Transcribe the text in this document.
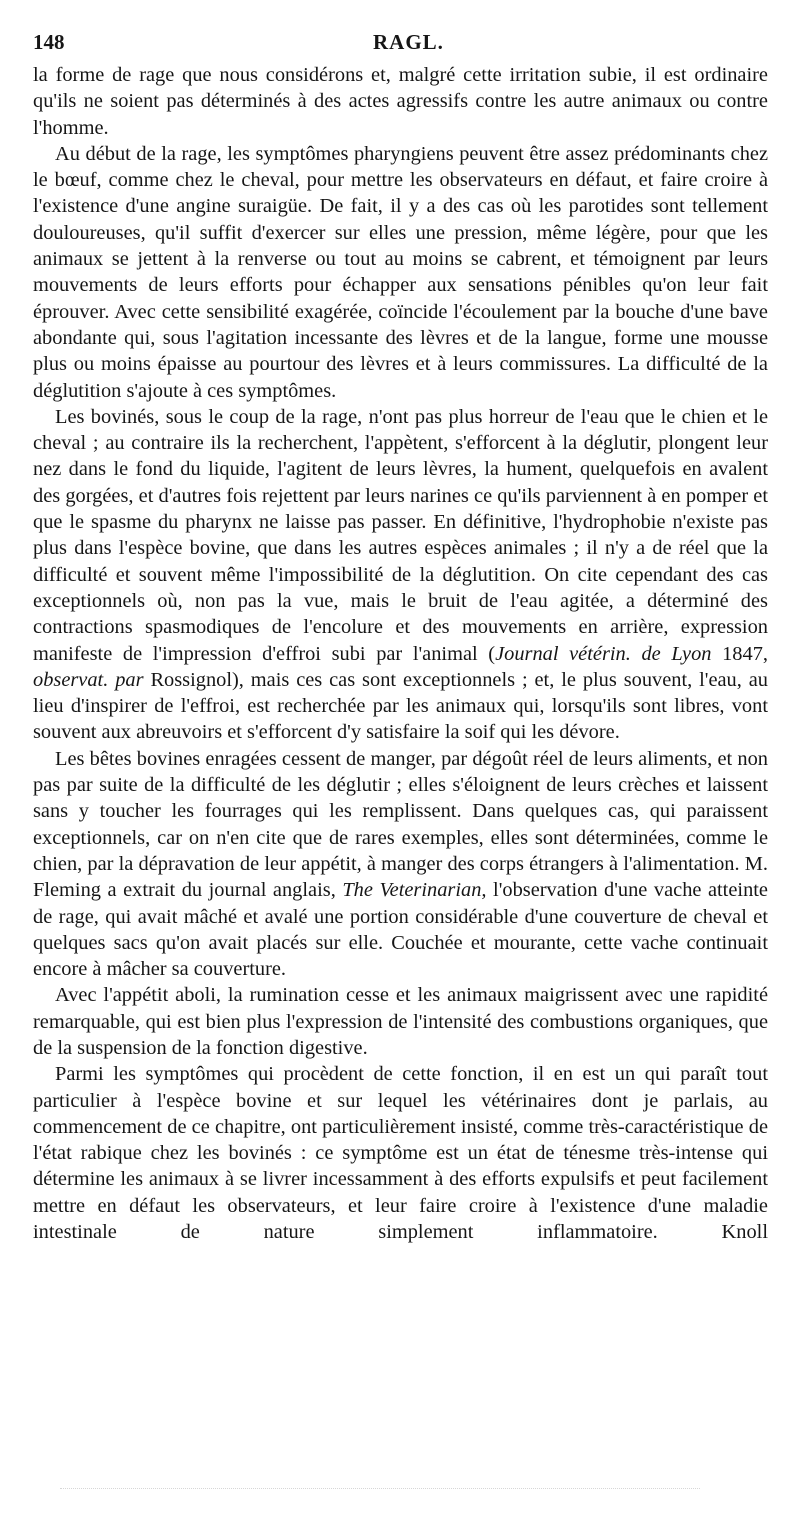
148	RAGL.

la forme de rage que nous considérons et, malgré cette irritation subie, il est ordinaire qu'ils ne soient pas déterminés à des actes agressifs contre les autre animaux ou contre l'homme.

Au début de la rage, les symptômes pharyngiens peuvent être assez prédominants chez le bœuf, comme chez le cheval, pour mettre les observateurs en défaut, et faire croire à l'existence d'une angine suraigüe. De fait, il y a des cas où les parotides sont tellement douloureuses, qu'il suffit d'exercer sur elles une pression, même légère, pour que les animaux se jettent à la renverse ou tout au moins se cabrent, et témoignent par leurs mouvements de leurs efforts pour échapper aux sensations pénibles qu'on leur fait éprouver. Avec cette sensibilité exagérée, coïncide l'écoulement par la bouche d'une bave abondante qui, sous l'agitation incessante des lèvres et de la langue, forme une mousse plus ou moins épaisse au pourtour des lèvres et à leurs commissures. La difficulté de la déglutition s'ajoute à ces symptômes.

Les bovinés, sous le coup de la rage, n'ont pas plus horreur de l'eau que le chien et le cheval ; au contraire ils la recherchent, l'appètent, s'efforcent à la déglutir, plongent leur nez dans le fond du liquide, l'agitent de leurs lèvres, la hument, quelquefois en avalent des gorgées, et d'autres fois rejettent par leurs narines ce qu'ils parviennent à en pomper et que le spasme du pharynx ne laisse pas passer. En définitive, l'hydrophobie n'existe pas plus dans l'espèce bovine, que dans les autres espèces animales ; il n'y a de réel que la difficulté et souvent même l'impossibilité de la déglutition. On cite cependant des cas exceptionnels où, non pas la vue, mais le bruit de l'eau agitée, a déterminé des contractions spasmodiques de l'encolure et des mouvements en arrière, expression manifeste de l'impression d'effroi subi par l'animal (Journal vétérin. de Lyon 1847, observat. par Rossignol), mais ces cas sont exceptionnels ; et, le plus souvent, l'eau, au lieu d'inspirer de l'effroi, est recherchée par les animaux qui, lorsqu'ils sont libres, vont souvent aux abreuvoirs et s'efforcent d'y satisfaire la soif qui les dévore.

Les bêtes bovines enragées cessent de manger, par dégoût réel de leurs aliments, et non pas par suite de la difficulté de les déglutir ; elles s'éloignent de leurs crèches et laissent sans y toucher les fourrages qui les remplissent. Dans quelques cas, qui paraissent exceptionnels, car on n'en cite que de rares exemples, elles sont déterminées, comme le chien, par la dépravation de leur appétit, à manger des corps étrangers à l'alimentation. M. Fleming a extrait du journal anglais, The Veterinarian, l'observation d'une vache atteinte de rage, qui avait mâché et avalé une portion considérable d'une couverture de cheval et quelques sacs qu'on avait placés sur elle. Couchée et mourante, cette vache continuait encore à mâcher sa couverture.

Avec l'appétit aboli, la rumination cesse et les animaux maigrissent avec une rapidité remarquable, qui est bien plus l'expression de l'intensité des combustions organiques, que de la suspension de la fonction digestive.

Parmi les symptômes qui procèdent de cette fonction, il en est un qui paraît tout particulier à l'espèce bovine et sur lequel les vétérinaires dont je parlais, au commencement de ce chapitre, ont particulièrement insisté, comme très-caractéristique de l'état rabique chez les bovinés : ce symptôme est un état de ténesme très-intense qui détermine les animaux à se livrer incessamment à des efforts expulsifs et peut facilement mettre en défaut les observateurs, et leur faire croire à l'existence d'une maladie intestinale de nature simplement inflammatoire. Knoll
